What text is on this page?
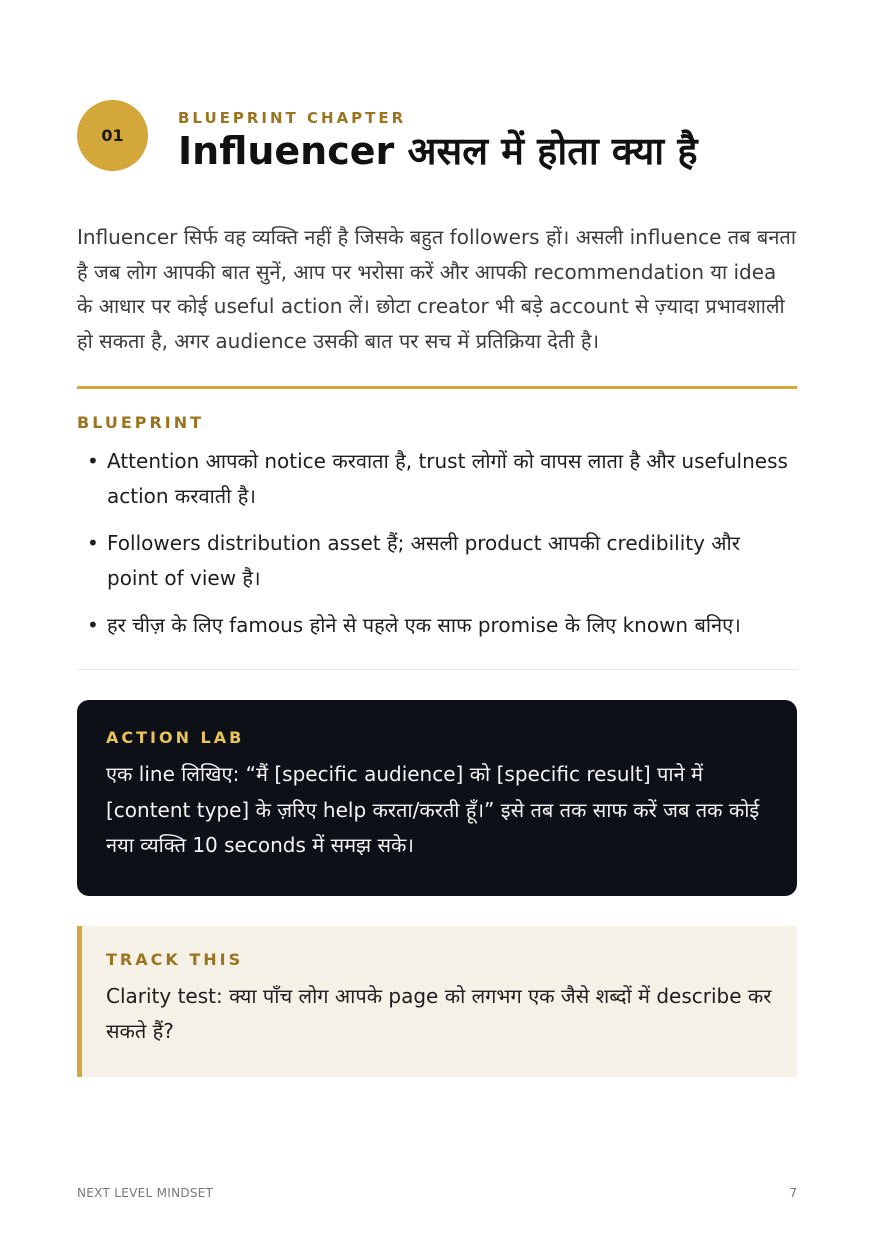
01
BLUEPRINT CHAPTER
Influencer असल में होता क्या है

Influencer सिर्फ वह व्यक्ति नहीं है जिसके बहुत followers हों। असली influence तब बनता है जब लोग आपकी बात सुनें, आप पर भरोसा करें और आपकी recommendation या idea के आधार पर कोई useful action लें। छोटा creator भी बड़े account से ज़्यादा प्रभावशाली हो सकता है, अगर audience उसकी बात पर सच में प्रतिक्रिया देती है।

BLUEPRINT
• Attention आपको notice करवाता है, trust लोगों को वापस लाता है और usefulness action करवाती है।
• Followers distribution asset हैं; असली product आपकी credibility और point of view है।
• हर चीज़ के लिए famous होने से पहले एक साफ promise के लिए known बनिए।
ACTION LAB

एक line लिखिए: “मैं [specific audience] को [specific result] पाने में [content type] के ज़रिए help करता/करती हूँ।” इसे तब तक साफ करें जब तक कोई नया व्यक्ति 10 seconds में समझ सके।

TRACK THIS

Clarity test: क्या पाँच लोग आपके page को लगभग एक जैसे शब्दों में describe कर सकते हैं?

NEXT LEVEL MINDSET	7
